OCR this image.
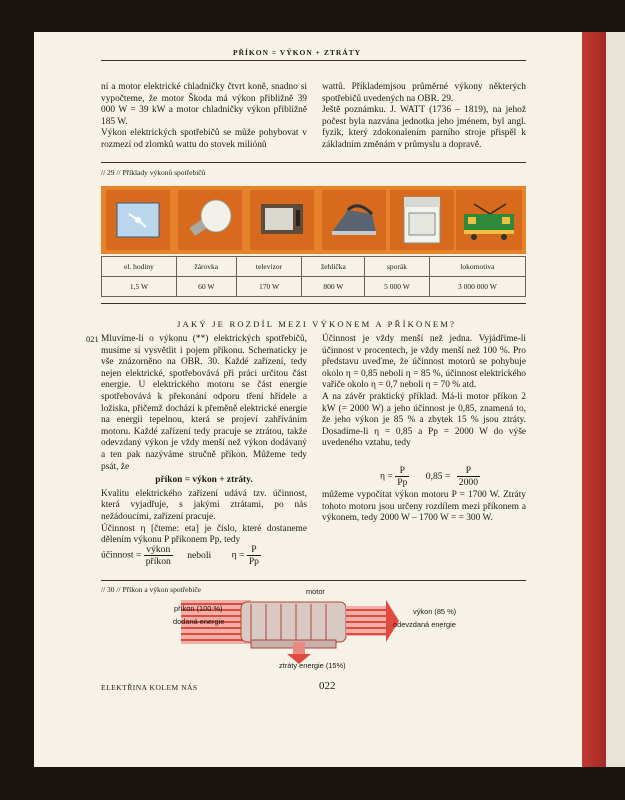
PŘÍKON = VÝKON + ZTRÁTY

ní a motor elektrické chladničky čtvrt koně, snadno si vypočteme, že motor Škoda má výkon přibližně 39 000 W = 39 kW a motor chladničky výkon přibližně 185 W.

Výkon elektrických spotřebičů se může pohybovat v rozmezí od zlomků wattu do stovek miliónů

wattů. Příklademjsou průměrné výkony některých spotřebičů uvedených na OBR. 29.

Ještě poznámku. J. WATT (1736 – 1819), na jehož počest byla nazvána jednotka jeho jménem, byl angl. fyzik, který zdokonalením parního stroje přispěl k základním změnám v průmyslu a dopravě.

// 29 // Příklady výkonů spotřebičů
el. hodiny	žárovka	televizor	žehlička	sporák	lokomotiva
1,5 W	60 W	170 W	800 W	5 000 W	3 000 000 W
JAKÝ JE ROZDÍL MEZI VÝKONEM A PŘÍKONEM?
021 Mluvíme-li o výkonu (**) elektrických spotřebičů, musíme si vysvětlit i pojem příkonu. Schematicky je vše znázorněno na OBR. 30. Každé zařízení, tedy nejen elektrické, spotřebovává při práci určitou část energie. U elektrického motoru se část energie spotřebovává k překonání odporu tření hřídele a ložiska, přičemž dochází k přeměně elektrické energie na energii tepelnou, která se projeví zahříváním motoru. Každé zařízení tedy pracuje se ztrátou, takže odevzdaný výkon je vždy menší než výkon dodávaný a ten pak nazýváme stručně příkon. Můžeme tedy psát, že

příkon = výkon + ztráty.

Kvalitu elektrického zařízení udává tzv. účinnost, která vyjadřuje, s jakými ztrátami, po nás nežádoucími, zařízení pracuje.

Účinnost η [čteme: eta] je číslo, které dostaneme dělením výkonu P příkonem Pp, tedy

účinnost = $\frac{\text{výkon}}{\text{příkon}}$ neboli $\eta = \frac{P}{Pp}$

Účinnost je vždy menší než jedna. Vyjádříme-li účinnost v procentech, je vždy menší než 100 %. Pro představu uveďme, že účinnost motorů se pohybuje okolo η = 0,85 neboli η = 85 %, účinnost elektrického vařiče okolo η = 0,7 neboli η = 70 % atd.

A na závěr praktický příklad. Má-li motor příkon 2 kW (= 2000 W) a jeho účinnost je 0,85, znamená to, že jeho výkon je 85 % a zbytek 15 % jsou ztráty. Dosadíme-li η = 0,85 a Pp = 2000 W do výše uvedeného vztahu, tedy

$\eta = \frac{P}{Pp} 0,85 = \frac{P}{2000}$

můžeme vypočítat výkon motoru P = 1700 W. Ztráty tohoto motoru jsou určeny rozdílem mezi příkonem a výkonem, tedy 2000 W – 1700 W = = 300 W.

// 30 // Příkon a výkon spotřebiče	motor
příkon (100 %)
dodaná energie
výkon (85 %)
odevzdaná energie
ztráty energie (15%)
ELEKTŘINA KOLEM NÁS	022
